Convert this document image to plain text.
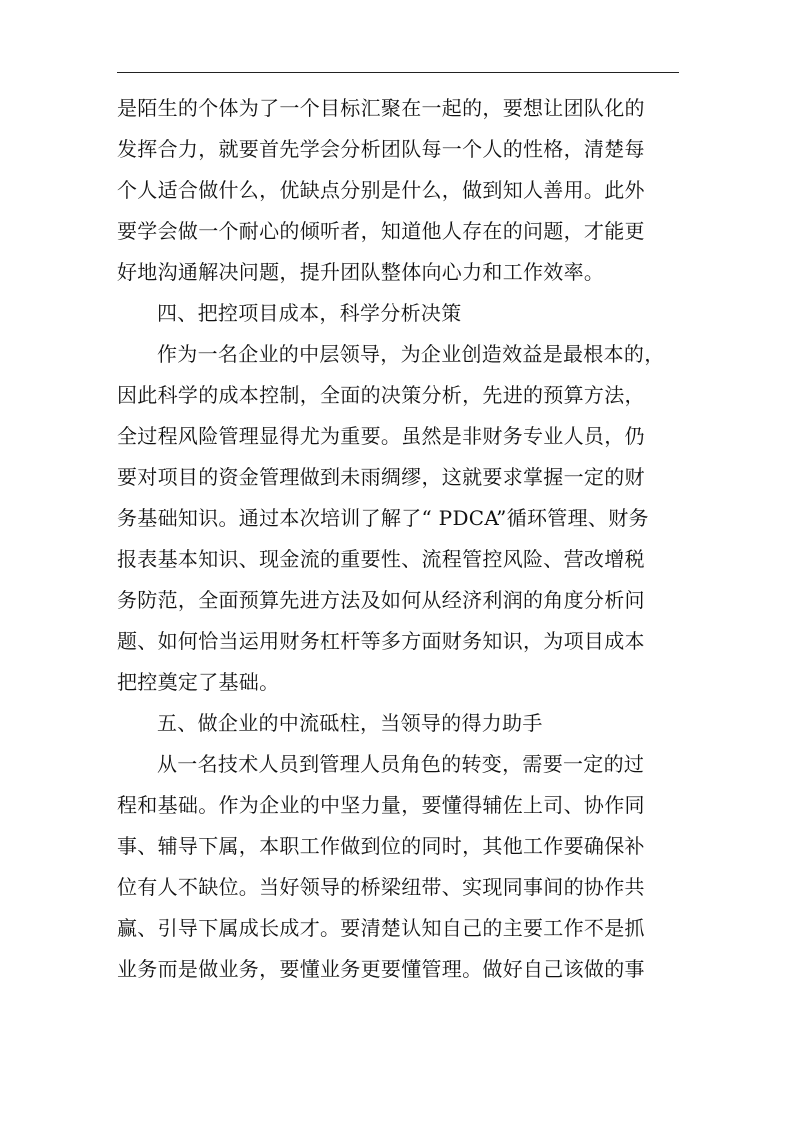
是陌生的个体为了一个目标汇聚在一起的，要想让团队化的
发挥合力，就要首先学会分析团队每一个人的性格，清楚每
个人适合做什么，优缺点分别是什么，做到知人善用。此外
要学会做一个耐心的倾听者，知道他人存在的问题，才能更
好地沟通解决问题，提升团队整体向心力和工作效率。
四、把控项目成本，科学分析决策
作为一名企业的中层领导，为企业创造效益是最根本的，
因此科学的成本控制，全面的决策分析，先进的预算方法，
全过程风险管理显得尤为重要。虽然是非财务专业人员，仍
要对项目的资金管理做到未雨绸缪，这就要求掌握一定的财
务基础知识。通过本次培训了解了“ PDCA”循环管理、财务
报表基本知识、现金流的重要性、流程管控风险、营改增税
务防范，全面预算先进方法及如何从经济利润的角度分析问
题、如何恰当运用财务杠杆等多方面财务知识，为项目成本
把控奠定了基础。
五、做企业的中流砥柱，当领导的得力助手
从一名技术人员到管理人员角色的转变，需要一定的过
程和基础。作为企业的中坚力量，要懂得辅佐上司、协作同
事、辅导下属，本职工作做到位的同时，其他工作要确保补
位有人不缺位。当好领导的桥梁纽带、实现同事间的协作共
赢、引导下属成长成才。要清楚认知自己的主要工作不是抓
业务而是做业务，要懂业务更要懂管理。做好自己该做的事
